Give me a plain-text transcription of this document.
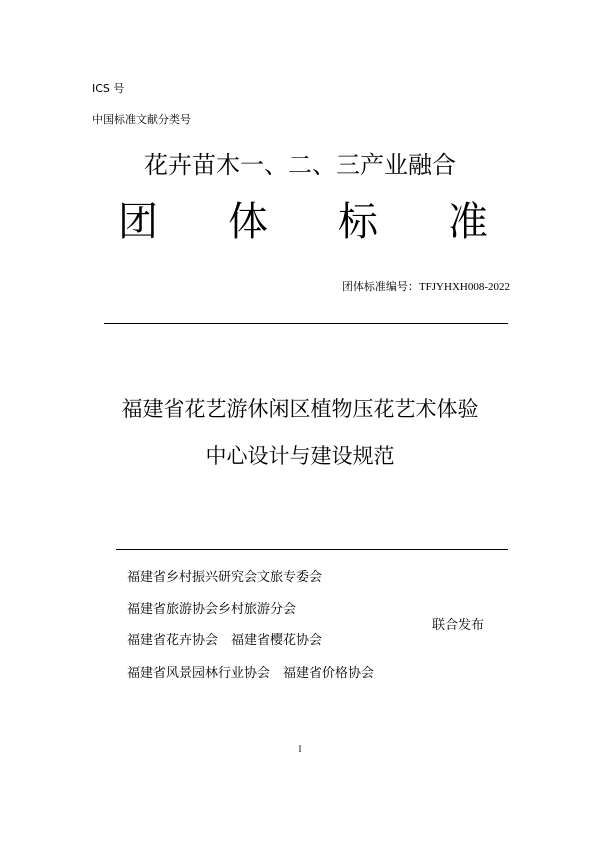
ICS 号
中国标准文献分类号
花卉苗木一、二、三产业融合
团 体 标 准
团体标准编号：TFJYHXH008-2022
福建省花艺游休闲区植物压花艺术体验
中心设计与建设规范
福建省乡村振兴研究会文旅专委会
福建省旅游协会乡村旅游分会
福建省花卉协会　福建省樱花协会
福建省风景园林行业协会　福建省价格协会
联合发布
I
